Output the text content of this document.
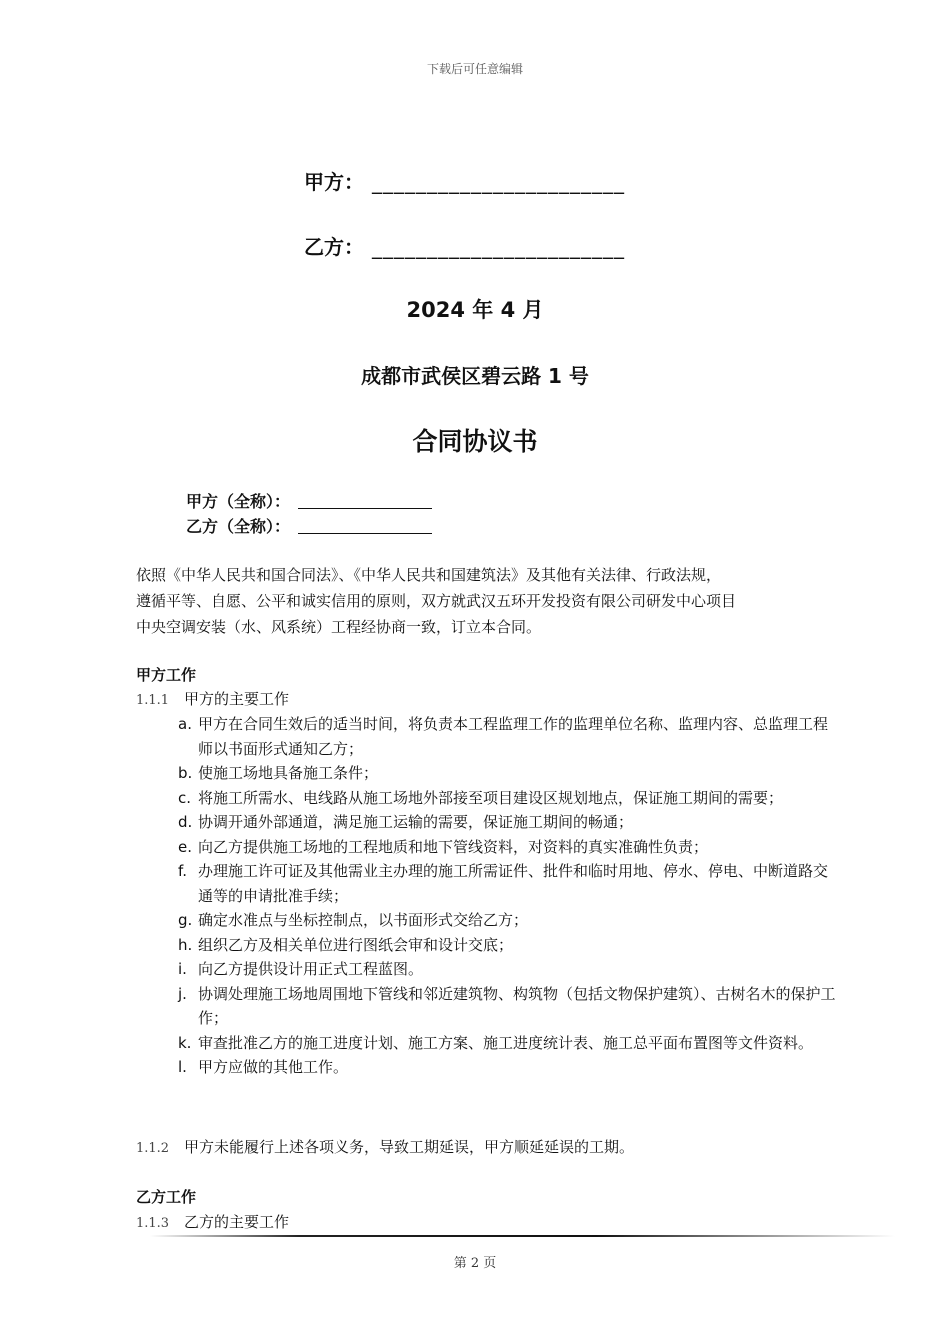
下载后可任意编辑
甲方： _______________________
乙方： _______________________
2024 年 4 月
成都市武侯区碧云路 1 号
合同协议书
甲方（全称）：
乙方（全称）：
依照《中华人民共和国合同法》、《中华人民共和国建筑法》及其他有关法律、行政法规，
遵循平等、自愿、公平和诚实信用的原则，双方就武汉五环开发投资有限公司研发中心项目
中央空调安装（水、风系统）工程经协商一致，订立本合同。
甲方工作
1.1.1 甲方的主要工作
a. 甲方在合同生效后的适当时间，将负责本工程监理工作的监理单位名称、监理内容、总监理工程师以书面形式通知乙方；
b. 使施工场地具备施工条件；
c. 将施工所需水、电线路从施工场地外部接至项目建设区规划地点，保证施工期间的需要；
d. 协调开通外部通道，满足施工运输的需要，保证施工期间的畅通；
e. 向乙方提供施工场地的工程地质和地下管线资料，对资料的真实准确性负责；
f. 办理施工许可证及其他需业主办理的施工所需证件、批件和临时用地、停水、停电、中断道路交通等的申请批准手续；
g. 确定水准点与坐标控制点，以书面形式交给乙方；
h. 组织乙方及相关单位进行图纸会审和设计交底；
i. 向乙方提供设计用正式工程蓝图。
j. 协调处理施工场地周围地下管线和邻近建筑物、构筑物（包括文物保护建筑）、古树名木的保护工作；
k. 审查批准乙方的施工进度计划、施工方案、施工进度统计表、施工总平面布置图等文件资料。
l. 甲方应做的其他工作。
1.1.2 甲方未能履行上述各项义务，导致工期延误，甲方顺延延误的工期。
乙方工作
1.1.3 乙方的主要工作
第 2 页
